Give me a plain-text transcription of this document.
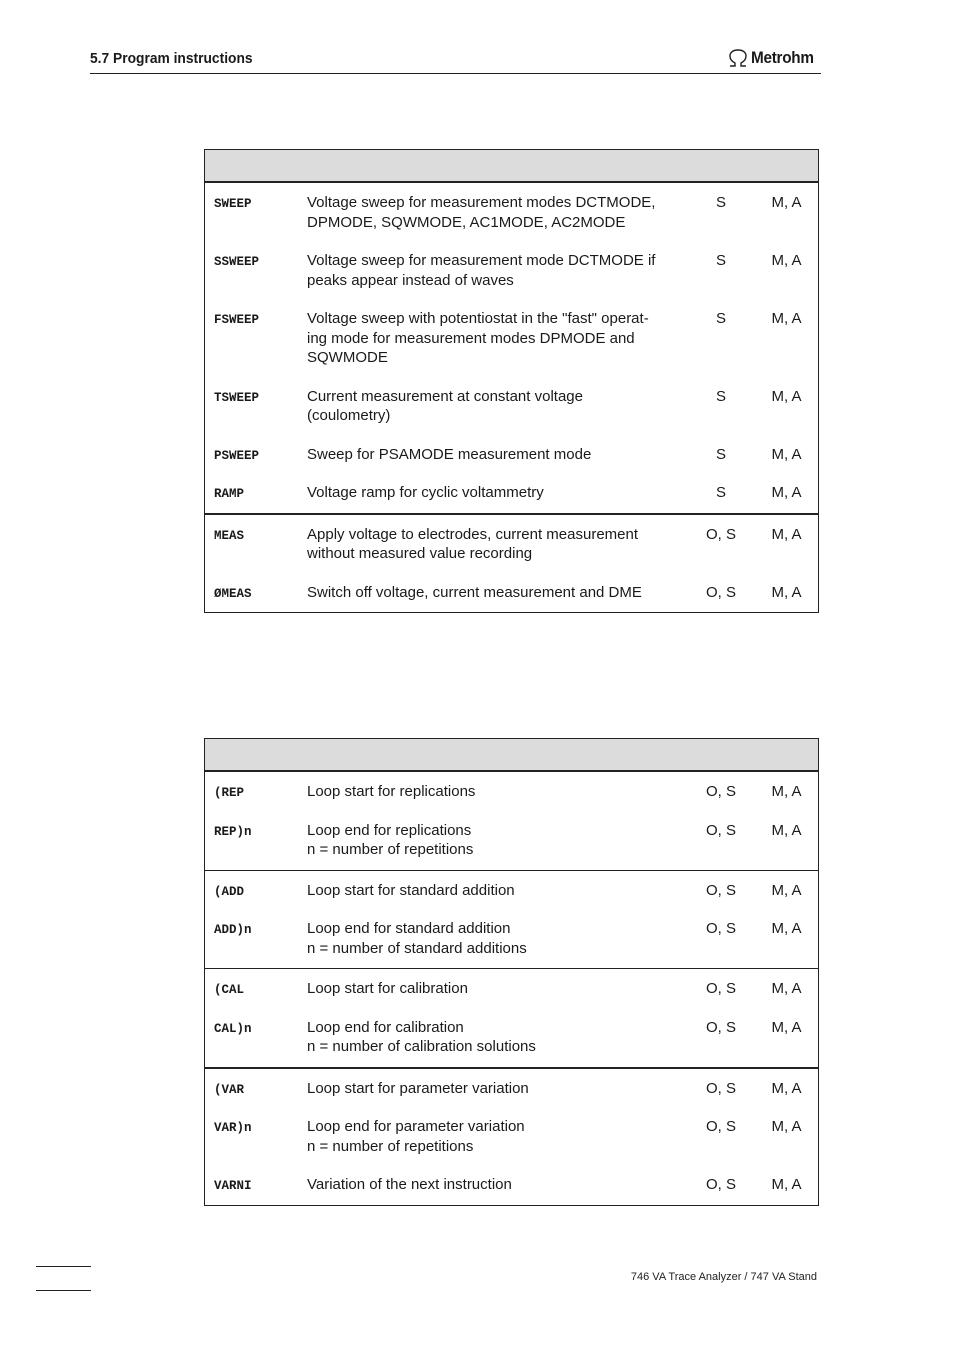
5.7 Program instructions	Metrohm
SWEEP	Voltage sweep for measurement modes DCTMODE,
DPMODE, SQWMODE, AC1MODE, AC2MODE
S	M, A
SSWEEP	Voltage sweep for measurement mode DCTMODE if
peaks appear instead of waves
S	M, A
FSWEEP	Voltage sweep with potentiostat in the "fast" operat-
ing mode for measurement modes DPMODE and
SQWMODE
S	M, A
TSWEEP	Current measurement at constant voltage
(coulometry)
S	M, A
PSWEEP	Sweep for PSAMODE measurement mode	S	M, A
RAMP	Voltage ramp for cyclic voltammetry	S	M, A
MEAS	Apply voltage to electrodes, current measurement
without measured value recording
O, S	M, A
ØMEAS	Switch off voltage, current measurement and DME	O, S	M, A
(REP	Loop start for replications	O, S	M, A
REP)n	Loop end for replications
n = number of repetitions
O, S	M, A
(ADD	Loop start for standard addition	O, S	M, A
ADD)n	Loop end for standard addition
n = number of standard additions
O, S	M, A
(CAL	Loop start for calibration	O, S	M, A
CAL)n	Loop end for calibration
n = number of calibration solutions
O, S	M, A
(VAR	Loop start for parameter variation	O, S	M, A
VAR)n	Loop end for parameter variation
n = number of repetitions
O, S	M, A
VARNI	Variation of the next instruction	O, S	M, A
746 VA Trace Analyzer / 747 VA Stand
